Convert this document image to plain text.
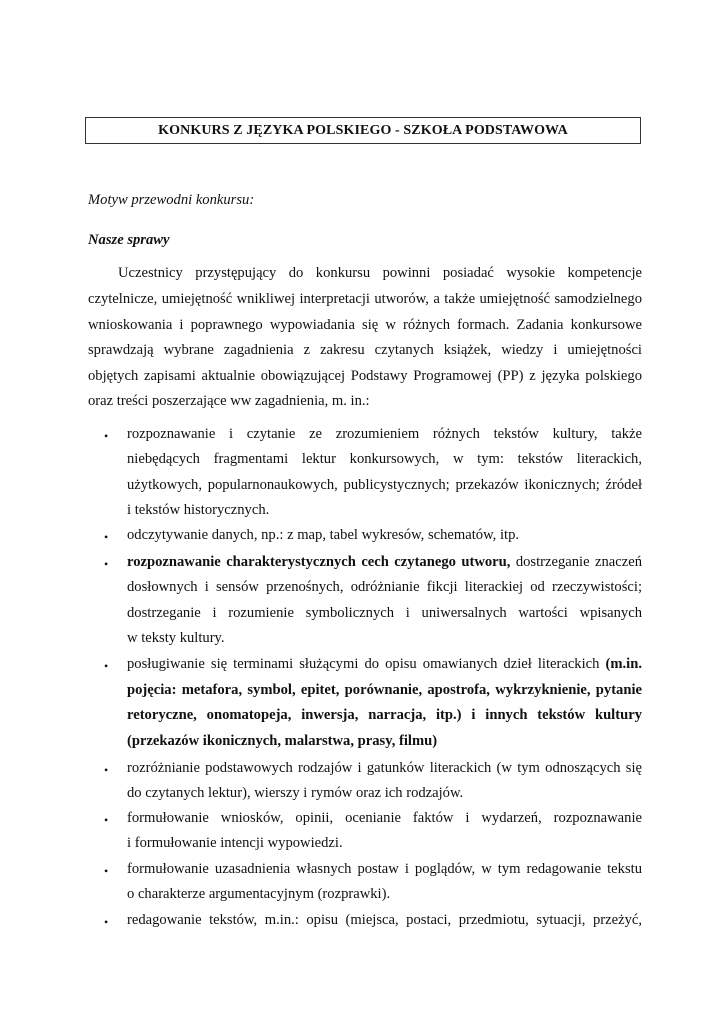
KONKURS Z JĘZYKA POLSKIEGO - SZKOŁA PODSTAWOWA
Motyw przewodni konkursu:
Nasze sprawy
Uczestnicy przystępujący do konkursu powinni posiadać wysokie kompetencje
czytelnicze, umiejętność wnikliwej interpretacji utworów, a także umiejętność samodzielnego
wnioskowania i poprawnego wypowiadania się w różnych formach. Zadania konkursowe
sprawdzają wybrane zagadnienia z zakresu czytanych książek, wiedzy i umiejętności
objętych zapisami aktualnie obowiązującej Podstawy Programowej (PP) z języka polskiego
oraz treści poszerzające ww zagadnienia, m. in.:
• rozpoznawanie i czytanie ze zrozumieniem różnych tekstów kultury, także
niebędących fragmentami lektur konkursowych, w tym: tekstów literackich,
użytkowych, popularnonaukowych, publicystycznych; przekazów ikonicznych; źródeł
i tekstów historycznych.
• odczytywanie danych, np.: z map, tabel wykresów, schematów, itp.
• rozpoznawanie charakterystycznych cech czytanego utworu, dostrzeganie znaczeń
dosłownych i sensów przenośnych, odróżnianie fikcji literackiej od rzeczywistości;
dostrzeganie i rozumienie symbolicznych i uniwersalnych wartości wpisanych
w teksty kultury.
• posługiwanie się terminami służącymi do opisu omawianych dzieł literackich (m.in.
pojęcia: metafora, symbol, epitet, porównanie, apostrofa, wykrzyknienie, pytanie
retoryczne, onomatopeja, inwersja, narracja, itp.) i innych tekstów kultury
(przekazów ikonicznych, malarstwa, prasy, filmu)
• rozróżnianie podstawowych rodzajów i gatunków literackich (w tym odnoszących się
do czytanych lektur), wierszy i rymów oraz ich rodzajów.
• formułowanie wniosków, opinii, ocenianie faktów i wydarzeń, rozpoznawanie
i formułowanie intencji wypowiedzi.
• formułowanie uzasadnienia własnych postaw i poglądów, w tym redagowanie tekstu
o charakterze argumentacyjnym (rozprawki).
• redagowanie tekstów, m.in.: opisu (miejsca, postaci, przedmiotu, sytuacji, przeżyć,
